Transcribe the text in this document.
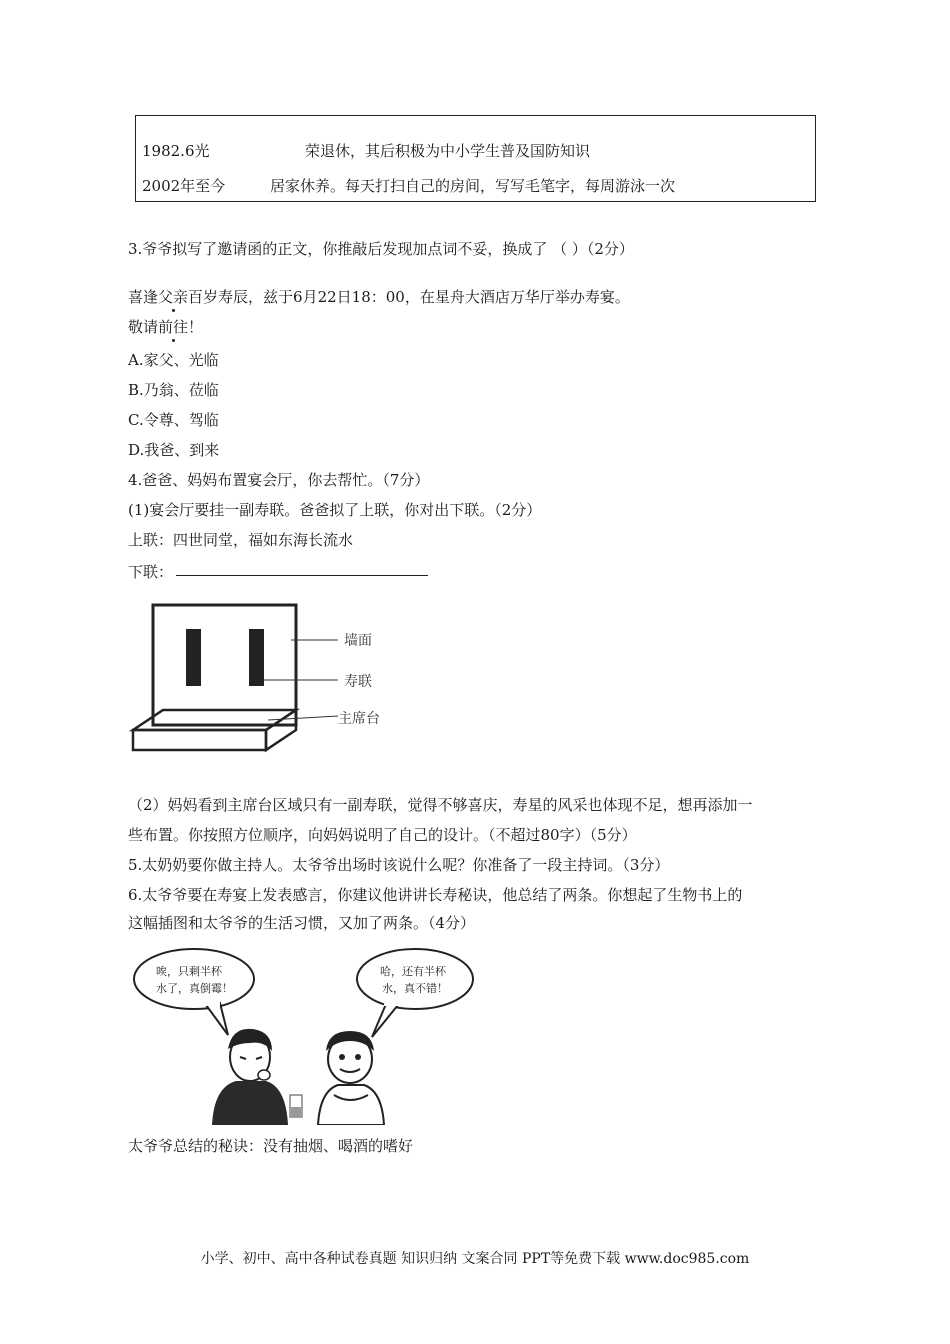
1982.6光	荣退休，其后积极为中小学生普及国防知识
2002年至今	居家休养。每天打扫自己的房间，写写毛笔字，每周游泳一次
3.爷爷拟写了邀请函的正文，你推敲后发现加点词不妥，换成了 （ ）（2分）
喜逢父亲百岁寿辰，兹于6月22日18：00，在星舟大酒店万华厅举办寿宴。
敬请前往！
A.家父、光临
B.乃翁、莅临
C.令尊、驾临
D.我爸、到来
4.爸爸、妈妈布置宴会厅，你去帮忙。（7分）
(1)宴会厅要挂一副寿联。爸爸拟了上联，你对出下联。（2分）
上联：四世同堂，福如东海长流水
下联：
墙面
寿联
主席台
（2）妈妈看到主席台区域只有一副寿联，觉得不够喜庆，寿星的风采也体现不足，想再添加一
些布置。你按照方位顺序，向妈妈说明了自己的设计。（不超过80字）（5分）
5.太奶奶要你做主持人。太爷爷出场时该说什么呢？你准备了一段主持词。（3分）
6.太爷爷要在寿宴上发表感言，你建议他讲讲长寿秘诀，他总结了两条。你想起了生物书上的
这幅插图和太爷爷的生活习惯，又加了两条。（4分）
唉，只剩半杯
水了，真倒霉！
哈，还有半杯
水，真不错！
太爷爷总结的秘诀：没有抽烟、喝酒的嗜好
小学、初中、高中各种试卷真题 知识归纳 文案合同 PPT等免费下载 www.doc985.com
